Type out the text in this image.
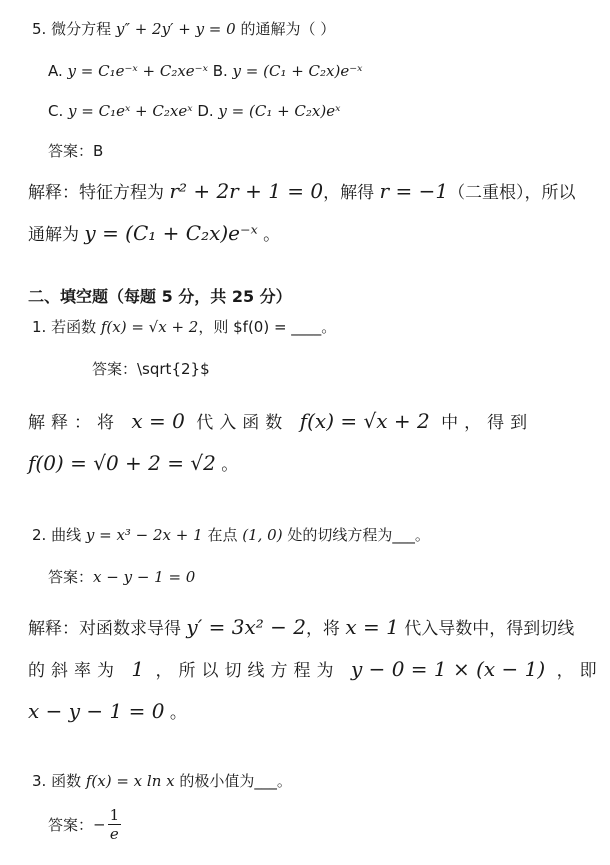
5. 微分方程 y″ + 2y′ + y = 0 的通解为（ ）
A. y = C₁e⁻ˣ + C₂xe⁻ˣ B. y = (C₁ + C₂x)e⁻ˣ
C. y = C₁eˣ + C₂xeˣ D. y = (C₁ + C₂x)eˣ
答案：B
解释：特征方程为 r² + 2r + 1 = 0，解得 r = −1（二重根），所以
通解为 y = (C₁ + C₂x)e⁻ˣ 。
二、填空题（每题 5 分，共 25 分）
1. 若函数 f(x) = √x + 2，则 $f(0) = ____。
答案：\sqrt{2}$
解释：将 x = 0 代入函数 f(x) = √x + 2 中，得到
f(0) = √0 + 2 = √2 。
2. 曲线 y = x³ − 2x + 1 在点 (1, 0) 处的切线方程为___。
答案：x − y − 1 = 0
解释：对函数求导得 y′ = 3x² − 2，将 x = 1 代入导数中，得到切线
的斜率为 1 ，所以切线方程为 y − 0 = 1 × (x − 1) ，即
x − y − 1 = 0 。
3. 函数 f(x) = x ln x 的极小值为___。
答案：− $\frac{1}{e}$
